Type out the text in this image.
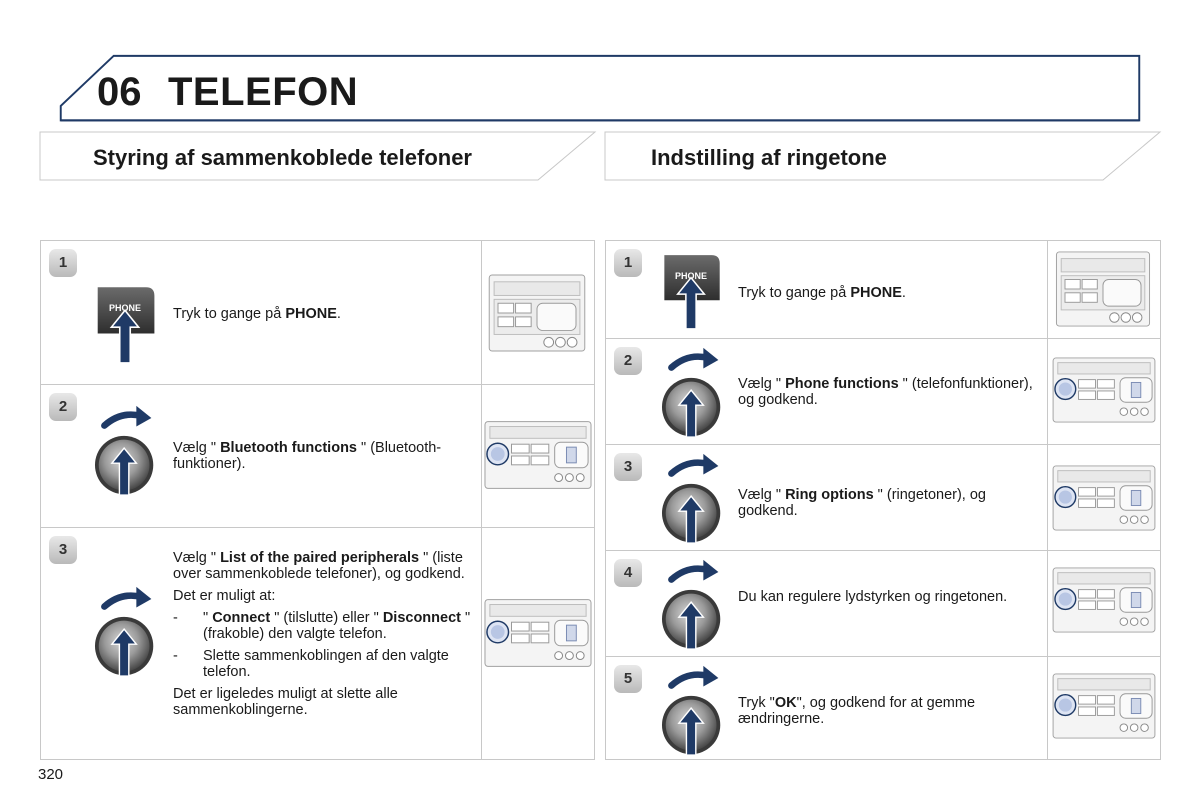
06 TELEFON
Styring af sammenkoblede telefoner	Indstilling af ringetone
1
PHONE Tryk to gange på PHONE.
2
Vælg " Bluetooth functions " (Bluetooth-funktioner).
3	Vælg " List of the paired peripherals " (liste over sammenkoblede telefoner), og godkend.

Det er muligt at:

- " Connect " (tilslutte) eller " Disconnect " (frakoble) den valgte telefon.
- Slette sammenkoblingen af den valgte telefon.

Det er ligeledes muligt at slette alle sammenkoblingerne.

1
PHONE
Tryk to gange på PHONE.
2
Vælg " Phone functions " (telefonfunktioner), og godkend.
3
Vælg " Ring options " (ringetoner), og godkend.
4
Du kan regulere lydstyrken og ringetonen.
5
Tryk "OK", og godkend for at gemme ændringerne.
320
